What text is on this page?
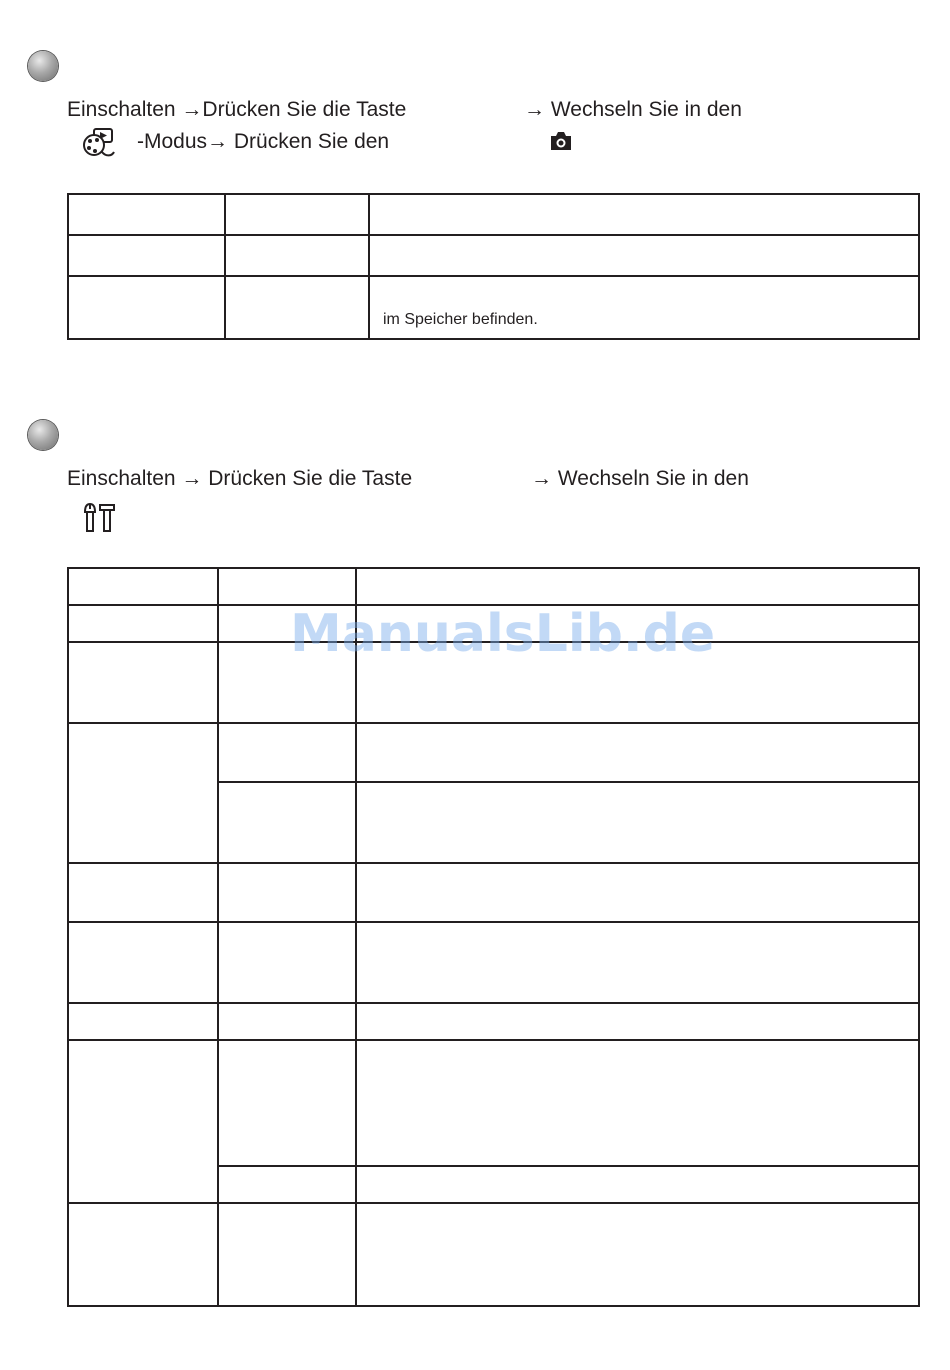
Einschalten →Drücken Sie die Taste	→ Wechseln Sie in den
-Modus→ Drücken Sie den

		im Speicher befinden.
Einschalten → Drücken Sie die Taste	→ Wechseln Sie in den

ManualsLib.de
